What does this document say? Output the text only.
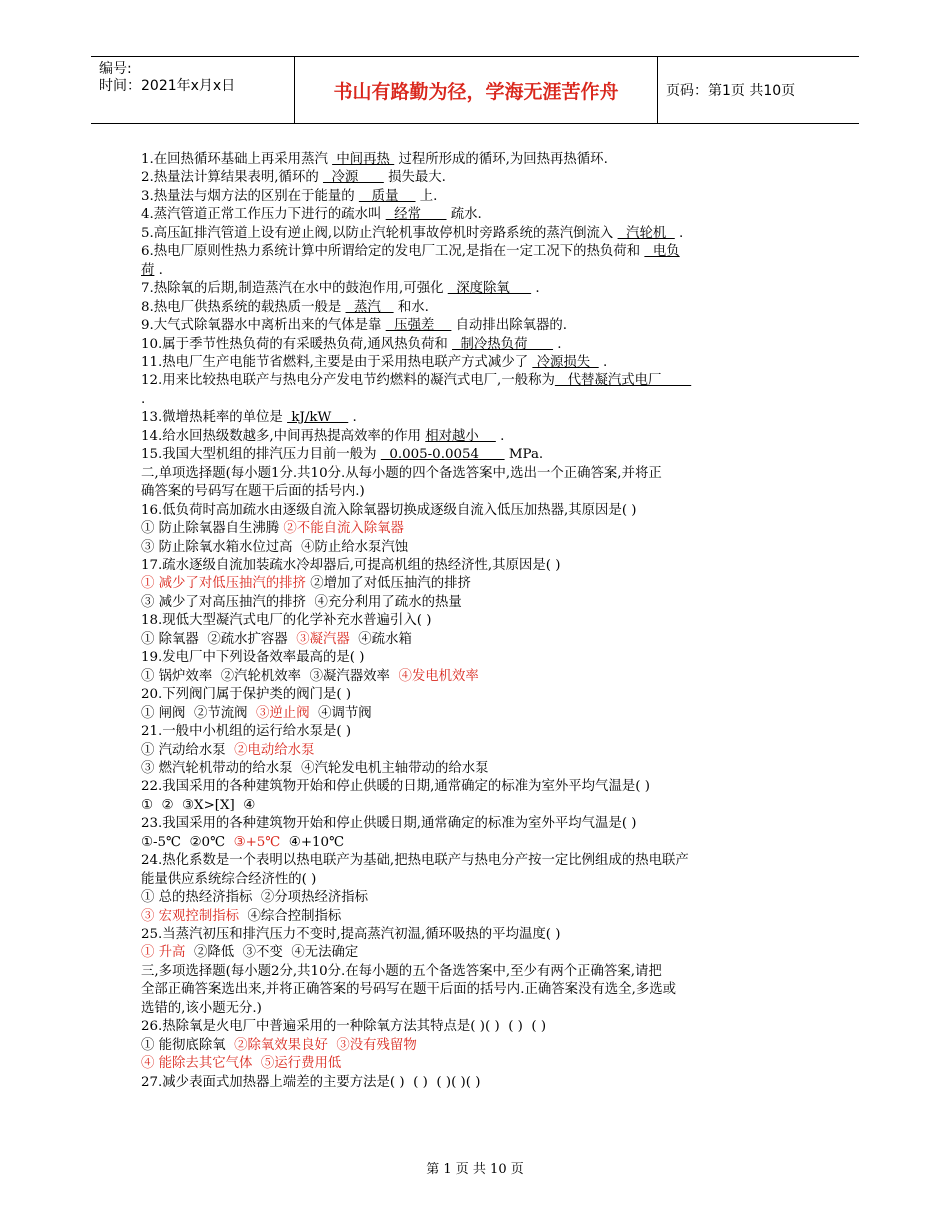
编号:
时间：2021年x月x日	书山有路勤为径，学海无涯苦作舟	页码：第1页 共10页
1.在回热循环基础上再采用蒸汽  中间再热  过程所形成的循环,为回热再热循环.
2.热量法计算结果表明,循环的   冷源       损失最大.
3.热量法与烟方法的区别在于能量的    质量     上.
4.蒸汽管道正常工作压力下进行的疏水叫   经常       疏水.
5.高压缸排汽管道上设有逆止阀,以防止汽轮机事故停机时旁路系统的蒸汽倒流入   汽轮机   .
6.热电厂原则性热力系统计算中所谓给定的发电厂工况,是指在一定工况下的热负荷和   电负
荷 .
7.热除氧的后期,制造蒸汽在水中的鼓泡作用,可强化   深度除氧      .
8.热电厂供热系统的载热质一般是   蒸汽    和水.
9.大气式除氧器水中离析出来的气体是靠   压强差     自动排出除氧器的.
10.属于季节性热负荷的有采暖热负荷,通风热负荷和   制冷热负荷       .
11.热电厂生产电能节省燃料,主要是由于采用热电联产方式减少了  冷源损失   .
12.用来比较热电联产与热电分产发电节约燃料的凝汽式电厂,一般称为   代替凝汽式电厂
.
13.微增热耗率的单位是  kJ/kW     .
14.给水回热级数越多,中间再热提高效率的作用 相对越小     .
15.我国大型机组的排汽压力目前一般为   0.005-0.0054       MPa.
二,单项选择题(每小题1分.共10分.从每小题的四个备选答案中,选出一个正确答案,并将正
确答案的号码写在题干后面的括号内.)
16.低负荷时高加疏水由逐级自流入除氧器切换成逐级自流入低压加热器,其原因是( )
① 防止除氧器自生沸腾 ②不能自流入除氧器
③ 防止除氧水箱水位过高  ④防止给水泵汽蚀
17.疏水逐级自流加装疏水冷却器后,可提高机组的热经济性,其原因是( )
① 减少了对低压抽汽的排挤 ②增加了对低压抽汽的排挤
③ 减少了对高压抽汽的排挤  ④充分利用了疏水的热量
18.现低大型凝汽式电厂的化学补充水普遍引入( )
① 除氧器  ②疏水扩容器  ③凝汽器  ④疏水箱
19.发电厂中下列设备效率最高的是( )
① 锅炉效率  ②汽轮机效率  ③凝汽器效率  ④发电机效率
20.下列阀门属于保护类的阀门是( )
① 闸阀  ②节流阀  ③逆止阀  ④调节阀
21.一般中小机组的运行给水泵是( )
① 汽动给水泵  ②电动给水泵
③ 燃汽轮机带动的给水泵  ④汽轮发电机主轴带动的给水泵
22.我国采用的各种建筑物开始和停止供暖的日期,通常确定的标准为室外平均气温是( )
①  ②  ③X>[X]  ④
23.我国采用的各种建筑物开始和停止供暖日期,通常确定的标准为室外平均气温是( )
①-5℃  ②0℃  ③+5℃  ④+10℃
24.热化系数是一个表明以热电联产为基础,把热电联产与热电分产按一定比例组成的热电联产
能量供应系统综合经济性的( )
① 总的热经济指标  ②分项热经济指标
③ 宏观控制指标  ④综合控制指标
25.当蒸汽初压和排汽压力不变时,提高蒸汽初温,循环吸热的平均温度( )
① 升高  ②降低  ③不变  ④无法确定
三,多项选择题(每小题2分,共10分.在每小题的五个备选答案中,至少有两个正确答案,请把
全部正确答案选出来,并将正确答案的号码写在题干后面的括号内.正确答案没有选全,多选或
选错的,该小题无分.)
26.热除氧是火电厂中普遍采用的一种除氧方法其特点是( )( )  ( )  ( )
① 能彻底除氧  ②除氧效果良好  ③没有残留物
④ 能除去其它气体  ⑤运行费用低
27.减少表面式加热器上端差的主要方法是( )  ( )  ( )( )( )
第 1 页 共 10 页
